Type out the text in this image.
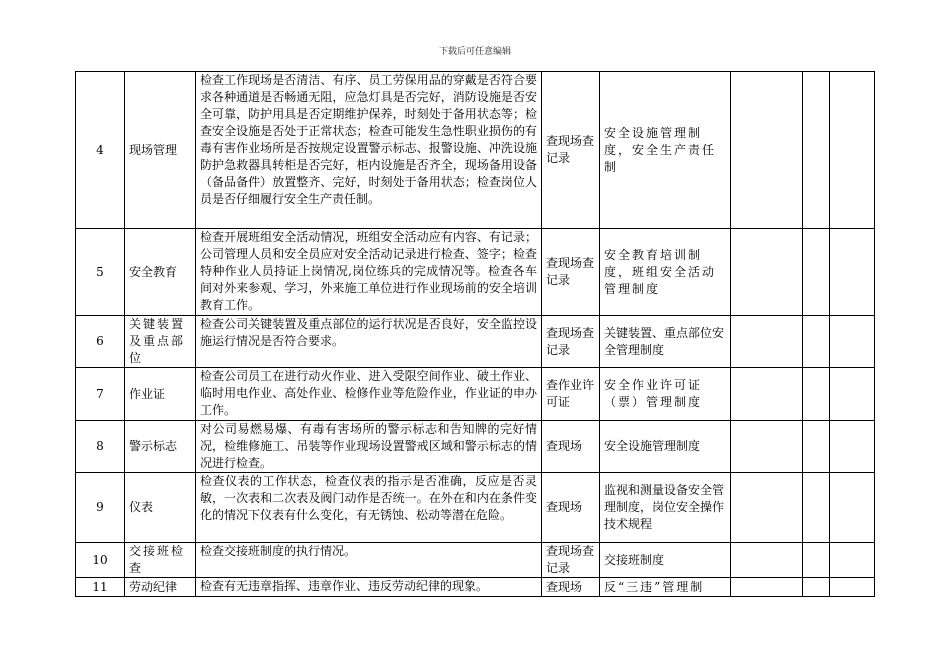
下载后可任意编辑
4	现场管理	检查工作现场是否清洁、有序、员工劳保用品的穿戴是否符合要求各种通道是否畅通无阻，应急灯具是否完好，消防设施是否安全可靠，防护用具是否定期维护保养，时刻处于备用状态等；检查安全设施是否处于正常状态；检查可能发生急性职业损伤的有毒有害作业场所是否按规定设置警示标志、报警设施、冲洗设施防护急救器具转柜是否完好，柜内设施是否齐全，现场备用设备（备品备件）放置整齐、完好，时刻处于备用状态；检查岗位人员是否仔细履行安全生产责任制。	查现场查记录	安全设施管理制度，安全生产责任制			
5	安全教育	检查开展班组安全活动情况，班组安全活动应有内容、有记录；公司管理人员和安全员应对安全活动记录进行检查、签字；检查特种作业人员持证上岗情况,岗位练兵的完成情况等。检查各车间对外来参观、学习，外来施工单位进行作业现场前的安全培训教育工作。	查现场查记录	安全教育培训制度，班组安全活动管理制度			
6	关键装置及重点部位	检查公司关键装置及重点部位的运行状况是否良好，安全监控设施运行情况是否符合要求。	查现场查记录	关键装置、重点部位安全管理制度			
7	作业证	检查公司员工在进行动火作业、进入受限空间作业、破土作业、临时用电作业、高处作业、检修作业等危险作业，作业证的申办工作。	查作业许可证	安全作业许可证（票）管理制度			
8	警示标志	对公司易燃易爆、有毒有害场所的警示标志和告知牌的完好情况，检维修施工、吊装等作业现场设置警戒区域和警示标志的情况进行检查。	查现场	安全设施管理制度			
9	仪表	检查仪表的工作状态，检查仪表的指示是否准确，反应是否灵敏，一次表和二次表及阀门动作是否统一。在外在和内在条件变化的情况下仪表有什么变化，有无锈蚀、松动等潜在危险。	查现场	监视和测量设备安全管理制度，岗位安全操作技术规程			
10	交接班检查	检查交接班制度的执行情况。	查现场查记录	交接班制度			
11	劳动纪律	检查有无违章指挥、违章作业、违反劳动纪律的现象。	查现场	反“三违”管理制			
